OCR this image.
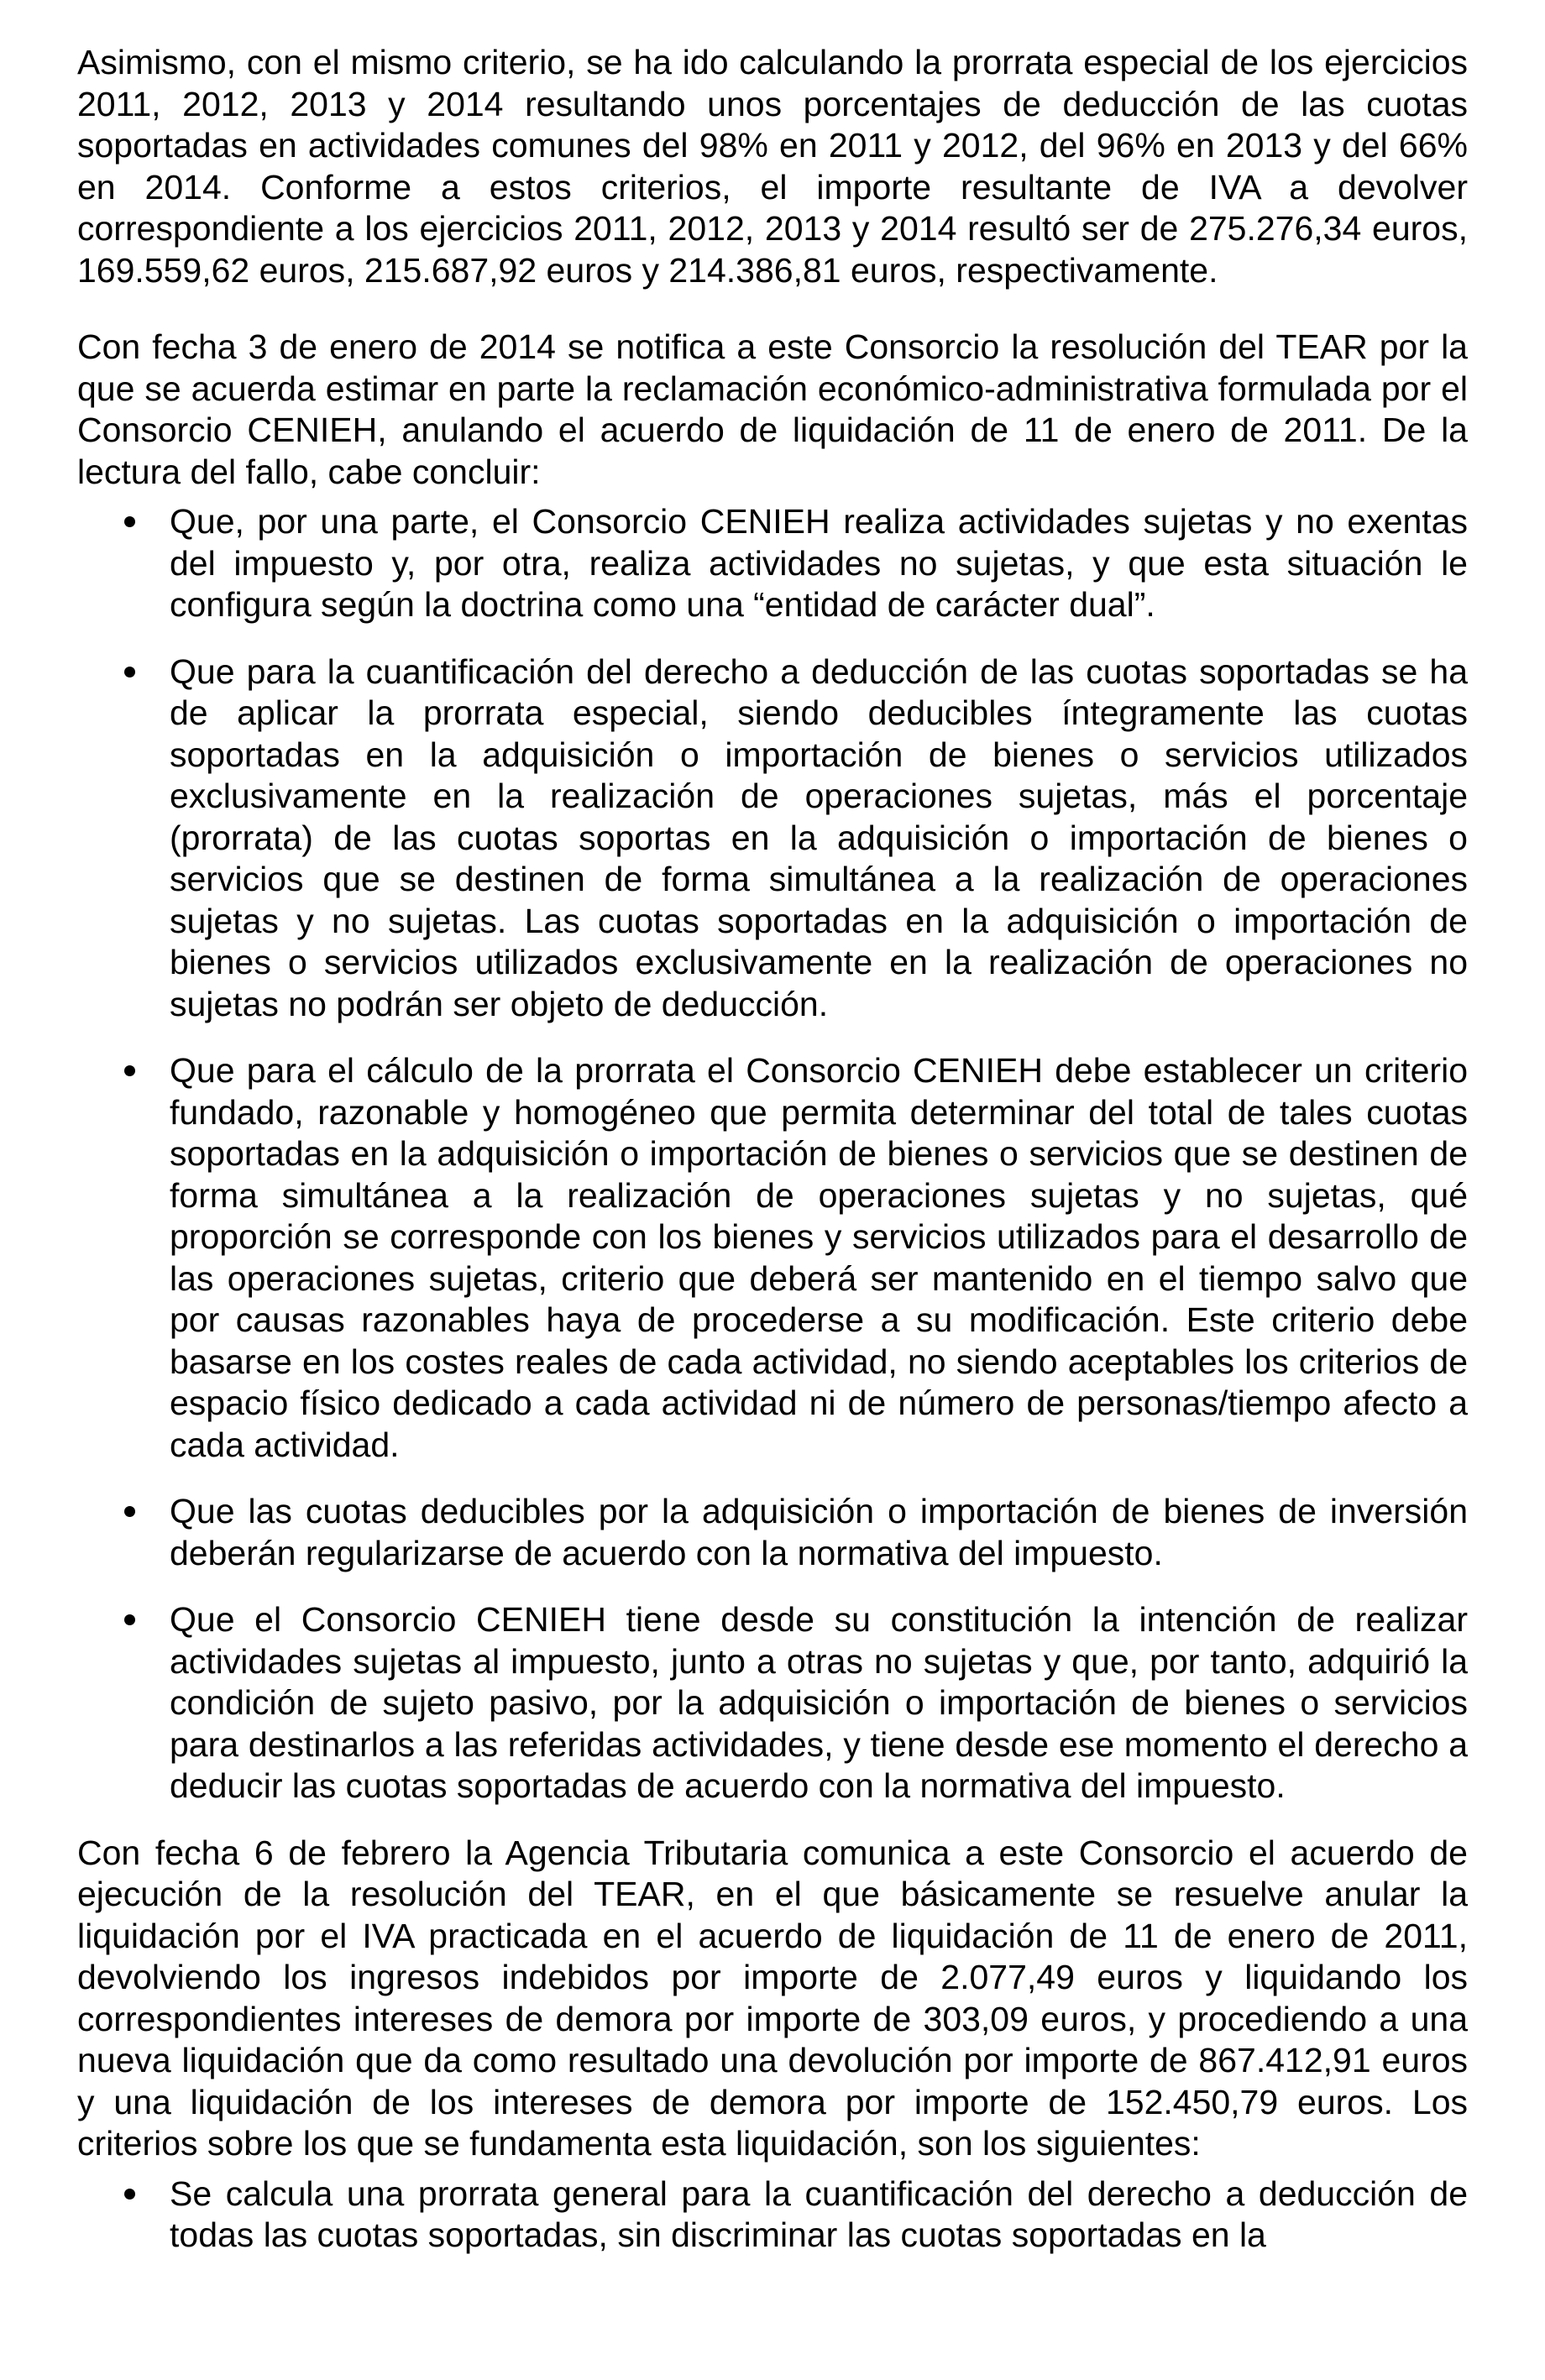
Asimismo, con el mismo criterio, se ha ido calculando la prorrata especial de los ejercicios 2011, 2012, 2013 y 2014 resultando unos porcentajes de deducción de las cuotas soportadas en actividades comunes del 98% en 2011 y 2012, del 96% en 2013 y del 66% en 2014. Conforme a estos criterios, el importe resultante de IVA a devolver correspondiente a los ejercicios 2011, 2012, 2013 y 2014 resultó ser de 275.276,34 euros, 169.559,62 euros, 215.687,92 euros y 214.386,81 euros, respectivamente.

Con fecha 3 de enero de 2014 se notifica a este Consorcio la resolución del TEAR por la que se acuerda estimar en parte la reclamación económico-administrativa formulada por el Consorcio CENIEH, anulando el acuerdo de liquidación de 11 de enero de 2011. De la lectura del fallo, cabe concluir:

Que, por una parte, el Consorcio CENIEH realiza actividades sujetas y no exentas del impuesto y, por otra, realiza actividades no sujetas, y que esta situación le configura según la doctrina como una “entidad de carácter dual”.
Que para la cuantificación del derecho a deducción de las cuotas soportadas se ha de aplicar la prorrata especial, siendo deducibles íntegramente las cuotas soportadas en la adquisición o importación de bienes o servicios utilizados exclusivamente en la realización de operaciones sujetas, más el porcentaje (prorrata) de las cuotas soportas en la adquisición o importación de bienes o servicios que se destinen de forma simultánea a la realización de operaciones sujetas y no sujetas. Las cuotas soportadas en la adquisición o importación de bienes o servicios utilizados exclusivamente en la realización de operaciones no sujetas no podrán ser objeto de deducción.
Que para el cálculo de la prorrata el Consorcio CENIEH debe establecer un criterio fundado, razonable y homogéneo que permita determinar del total de tales cuotas soportadas en la adquisición o importación de bienes o servicios que se destinen de forma simultánea a la realización de operaciones sujetas y no sujetas, qué proporción se corresponde con los bienes y servicios utilizados para el desarrollo de las operaciones sujetas, criterio que deberá ser mantenido en el tiempo salvo que por causas razonables haya de procederse a su modificación. Este criterio debe basarse en los costes reales de cada actividad, no siendo aceptables los criterios de espacio físico dedicado a cada actividad ni de número de personas/tiempo afecto a cada actividad.
Que las cuotas deducibles por la adquisición o importación de bienes de inversión deberán regularizarse de acuerdo con la normativa del impuesto.
Que el Consorcio CENIEH tiene desde su constitución la intención de realizar actividades sujetas al impuesto, junto a otras no sujetas y que, por tanto, adquirió la condición de sujeto pasivo, por la adquisición o importación de bienes o servicios para destinarlos a las referidas actividades, y tiene desde ese momento el derecho a deducir las cuotas soportadas de acuerdo con la normativa del impuesto.

Con fecha 6 de febrero la Agencia Tributaria comunica a este Consorcio el acuerdo de ejecución de la resolución del TEAR, en el que básicamente se resuelve anular la liquidación por el IVA practicada en el acuerdo de liquidación de 11 de enero de 2011, devolviendo los ingresos indebidos por importe de 2.077,49 euros y liquidando los correspondientes intereses de demora por importe de 303,09 euros, y procediendo a una nueva liquidación que da como resultado una devolución por importe de 867.412,91 euros y una liquidación de los intereses de demora por importe de 152.450,79 euros. Los criterios sobre los que se fundamenta esta liquidación, son los siguientes:

Se calcula una prorrata general para la cuantificación del derecho a deducción de todas las cuotas soportadas, sin discriminar las cuotas soportadas en la
